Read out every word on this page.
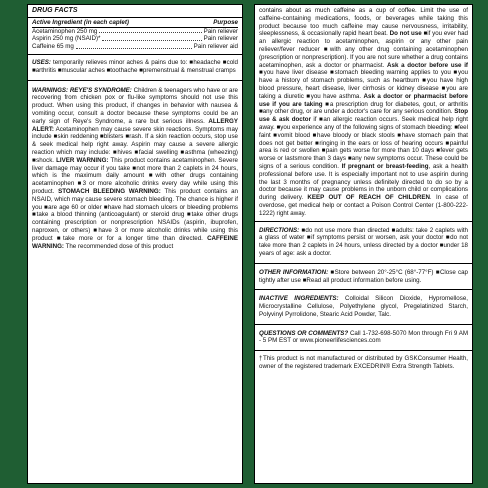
DRUG FACTS
Active Ingredient (in each caplet)	Purpose
Acetaminophen 250 mg	Pain reliever
Aspirin 250 mg (NSAID)*	Pain reliever
Caffeine 65 mg	Pain reliever aid

USES: temporarily relieves minor aches & pains due to: ■headache ■cold ■arthritis ■muscular aches ■toothache ■premenstrual & menstrual cramps

WARNINGS: REYE'S SYNDROME: Children & teenagers who have or are recovering from chicken pox or flu-like symptoms should not use this product. When using this product, if changes in behavior with nausea & vomiting occur, consult a doctor because these symptoms could be an early sign of Reye's Syndrome, a rare but serious illness. ALLERGY ALERT: Acetaminophen may cause severe skin reactions. Symptoms may include ■skin reddening ■blisters ■rash. If a skin reaction occurs, stop use & seek medical help right away. Aspirin may cause a severe allergic reaction which may include: ■hives ■facial swelling ■asthma (wheezing) ■shock. LIVER WARNING: This product contains acetaminophen. Severe liver damage may occur if you take ■not more than 2 caplets in 24 hours, which is the maximum daily amount ■with other drugs containing acetaminophen ■3 or more alcoholic drinks every day while using this product. STOMACH BLEEDING WARNING: This product contains an NSAID, which may cause severe stomach bleeding. The chance is higher if you ■are age 60 or older ■have had stomach ulcers or bleeding problems ■take a blood thinning (anticoagulant) or steroid drug ■take other drugs containing prescription or nonprescription NSAIDs (aspirin, ibuprofen, naproxen, or others) ■have 3 or more alcoholic drinks while using this product ■take more or for a longer time than directed. CAFFEINE WARNING: The recommended dose of this product

contains about as much caffeine as a cup of coffee. Limit the use of caffeine-containing medications, foods, or beverages while taking this product because too much caffeine may cause nervousness, irritability, sleeplessness, & occasionally rapid heart beat. Do not use ■if you ever had an allergic reaction to acetaminophen, aspirin or any other pain reliever/fever reducer ■with any other drug containing acetaminophen (prescription or nonprescription). If you are not sure whether a drug contains acetaminophen, ask a doctor or pharmacist. Ask a doctor before use if ■you have liver disease ■stomach bleeding warning applies to you ■you have a history of stomach problems, such as heartburn ■you have high blood pressure, heart disease, liver cirrhosis or kidney disease ■you are taking a diuretic ■you have asthma. Ask a doctor or pharmacist before use if you are taking ■a prescription drug for diabetes, gout, or arthritis ■any other drug, or are under a doctor's care for any serious condition. Stop use & ask doctor if ■an allergic reaction occurs. Seek medical help right away. ■you experience any of the following signs of stomach bleeding: ■feel faint ■vomit blood ■have bloody or black stools ■have stomach pain that does not get better ■ringing in the ears or loss of hearing occurs ■painful area is red or swollen ■pain gets worse for more than 10 days ■fever gets worse or lastsmore than 3 days ■any new symptoms occur. These could be signs of a serious condition. If pregnant or breast-feeding, ask a health professional before use. It is especially important not to use aspirin during the last 3 months of pregnancy unless definitely directed to do so by a doctor because it may cause problems in the unborn child or complications during delivery. KEEP OUT OF REACH OF CHILDREN. In case of overdose, get medical help or contact a Poison Control Center (1-800-222-1222) right away.

DIRECTIONS: ■do not use more than directed ■adults: take 2 caplets with a glass of water ■if symptoms persist or worsen, ask your doctor ■do not take more than 2 caplets in 24 hours, unless directed by a doctor ■under 18 years of age: ask a doctor.

OTHER INFORMATION: ■Store between 20°-25°C (68°-77°F) ■Close cap tightly after use ■Read all product information before using.

INACTIVE INGREDIENTS: Colloidal Silicon Dioxide, Hypromellose, Microcrystalline Cellulose, Polyethylene glycol, Pregelatinized Starch, Polyvinyl Pyrrolidone, Stearic Acid Powder, Talc.

QUESTIONS OR COMMENTS? Call 1-732-698-5070 Mon through Fri 9 AM - 5 PM EST or www.pioneerlifesciences.com

†This product is not manufactured or distributed by GSKConsumer Health, owner of the registered trademark EXCEDRIN® Extra Strength Tablets.
